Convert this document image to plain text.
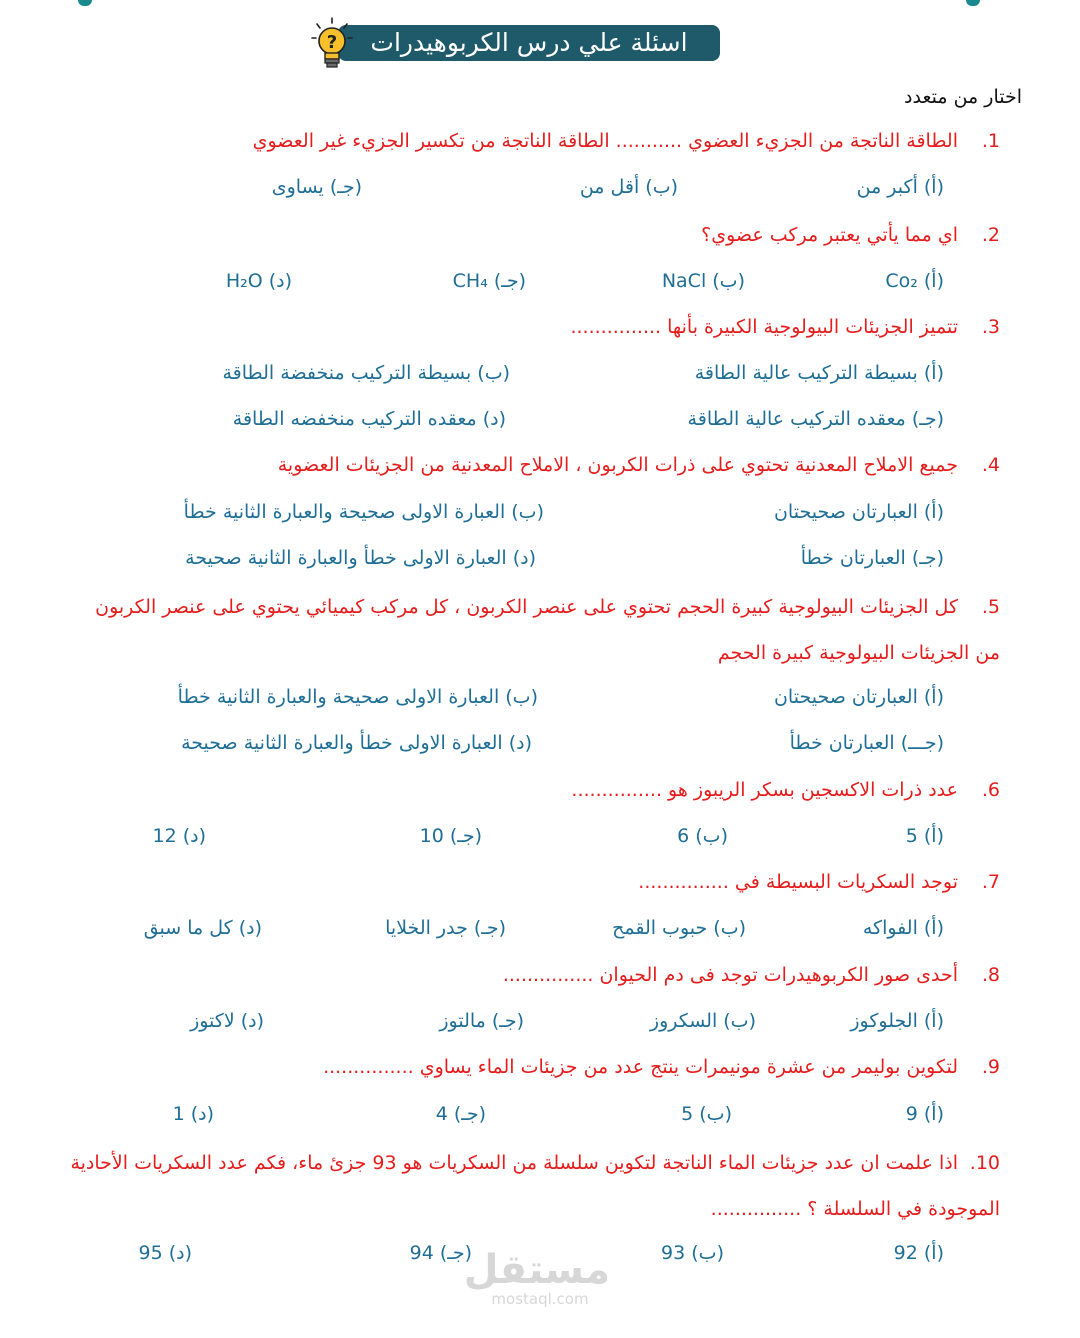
اسئلة علي درس الكربوهيدرات
?
اختار من متعدد
1.الطاقة الناتجة من الجزيء العضوي ........... الطاقة الناتجة من تكسير الجزيء غير العضوي
(أ) أكبر من
(ب) أقل من
(جـ) يساوى
2.اي مما يأتي يعتبر مركب عضوي؟
(أ) Co₂
(ب) NaCl
(جـ) CH₄
(د) H₂O
3.تتميز الجزيئات البيولوجية الكبيرة بأنها ...............
(أ) بسيطة التركيب عالية الطاقة
(ب) بسيطة التركيب منخفضة الطاقة
(جـ) معقده التركيب عالية الطاقة
(د) معقده التركيب منخفضه الطاقة
4.جميع الاملاح المعدنية تحتوي على ذرات الكربون ، الاملاح المعدنية من الجزيئات العضوية
(أ) العبارتان صحيحتان
(ب) العبارة الاولى صحيحة والعبارة الثانية خطأ
(جـ) العبارتان خطأ
(د) العبارة الاولى خطأ والعبارة الثانية صحيحة
5.كل الجزيئات البيولوجية كبيرة الحجم تحتوي على عنصر الكربون ، كل مركب كيميائي يحتوي على عنصر الكربون من الجزيئات البيولوجية كبيرة الحجم
(أ) العبارتان صحيحتان
(ب) العبارة الاولى صحيحة والعبارة الثانية خطأ
(جـــ) العبارتان خطأ
(د) العبارة الاولى خطأ والعبارة الثانية صحيحة
6.عدد ذرات الاكسجين بسكر الريبوز هو ...............
(أ) 5
(ب) 6
(جـ) 10
(د) 12
7.توجد السكريات البسيطة في ...............
(أ) الفواكه
(ب) حبوب القمح
(جـ) جدر الخلايا
(د) كل ما سبق
8.أحدى صور الكربوهيدرات توجد فى دم الحيوان ...............
(أ) الجلوكوز
(ب) السكروز
(جـ) مالتوز
(د) لاكتوز
9.لتكوين بوليمر من عشرة مونيمرات ينتج عدد من جزيئات الماء يساوي ...............
(أ) 9
(ب) 5
(جـ) 4
(د) 1
10.اذا علمت ان عدد جزيئات الماء الناتجة لتكوين سلسلة من السكريات هو 93 جزئ ماء، فكم عدد السكريات الأحادية الموجودة في السلسلة ؟ ...............
(أ) 92
(ب) 93
(جـ) 94
(د) 95	مستقل
mostaql.com
